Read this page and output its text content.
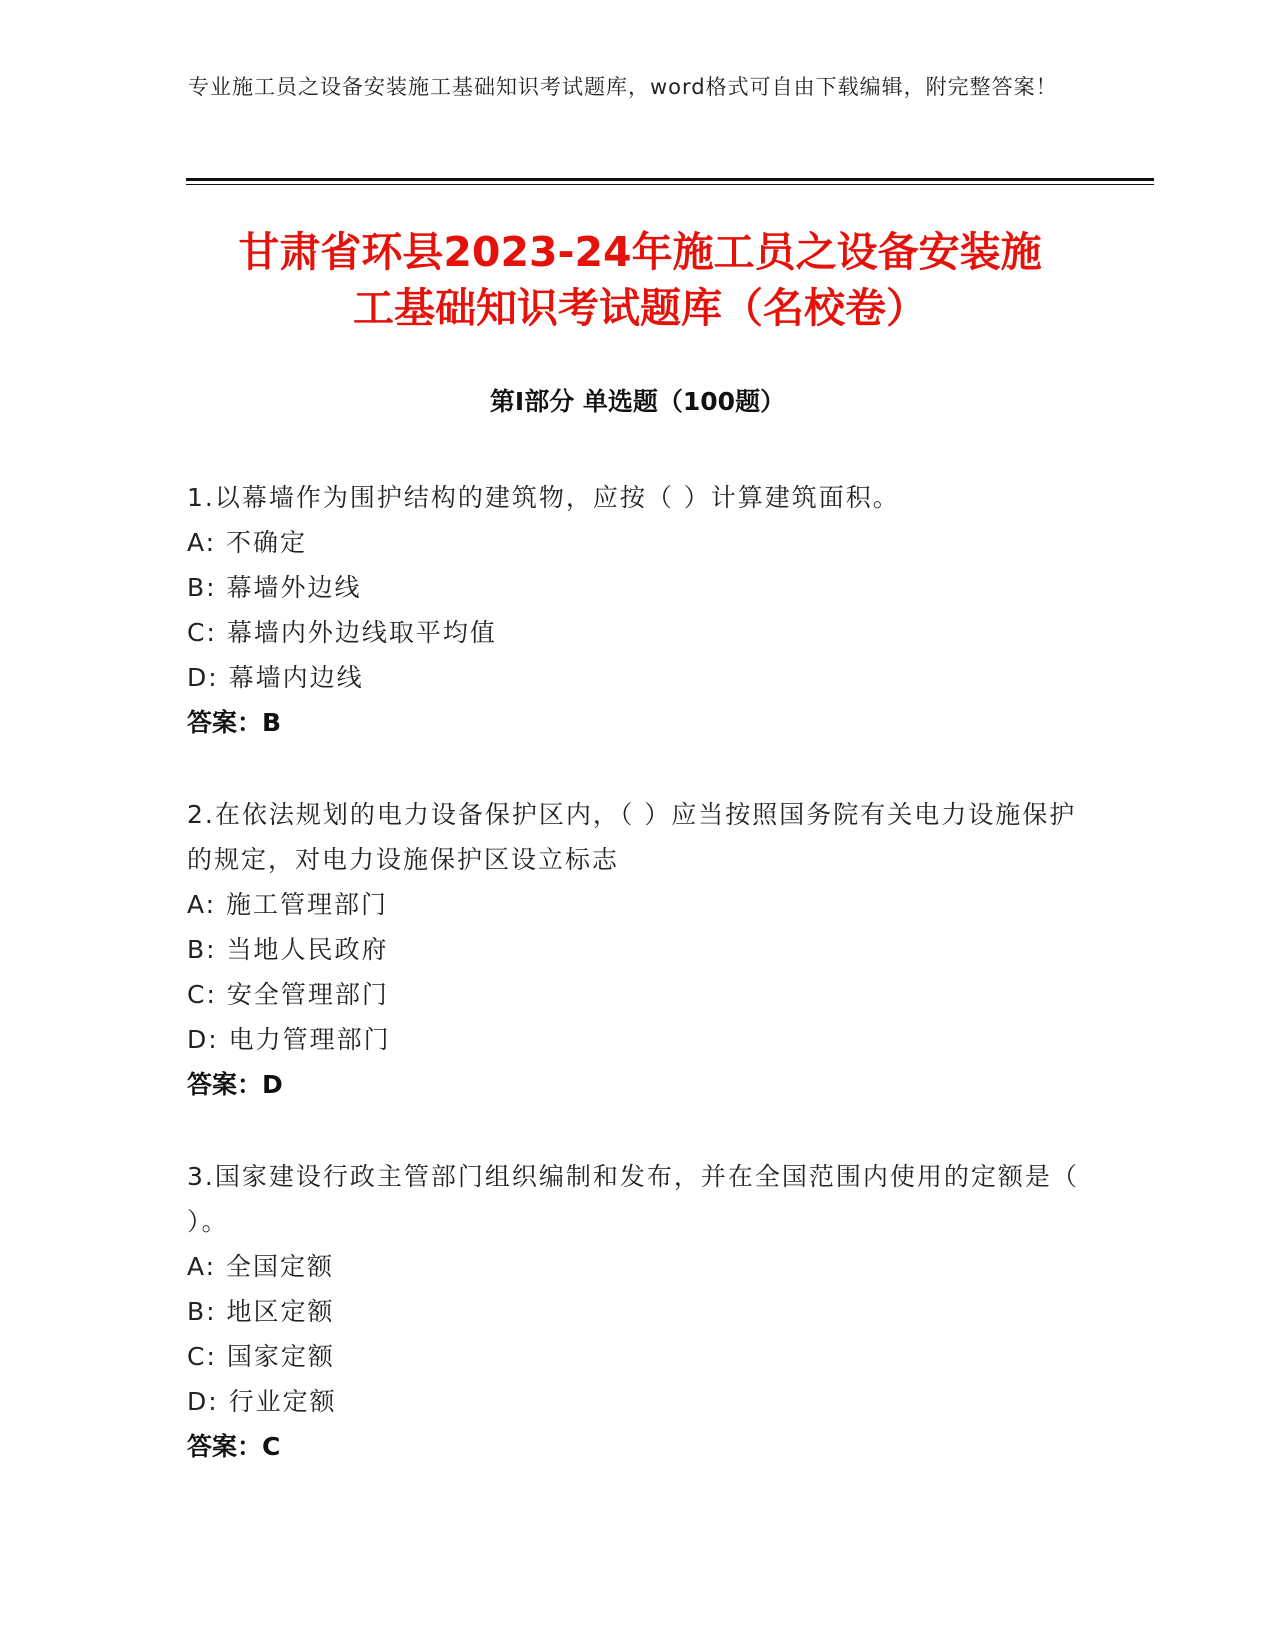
专业施工员之设备安装施工基础知识考试题库，word格式可自由下载编辑，附完整答案！
甘肃省环县2023-24年施工员之设备安装施
工基础知识考试题库（名校卷）
第I部分 单选题（100题）
1.以幕墙作为围护结构的建筑物，应按（ ）计算建筑面积。
A: 不确定
B: 幕墙外边线
C: 幕墙内外边线取平均值
D: 幕墙内边线
答案：B
2.在依法规划的电力设备保护区内，（ ）应当按照国务院有关电力设施保护的规定，对电力设施保护区设立标志
A: 施工管理部门
B: 当地人民政府
C: 安全管理部门
D: 电力管理部门
答案：D
3.国家建设行政主管部门组织编制和发布，并在全国范围内使用的定额是（ ）。
A: 全国定额
B: 地区定额
C: 国家定额
D: 行业定额
答案：C
